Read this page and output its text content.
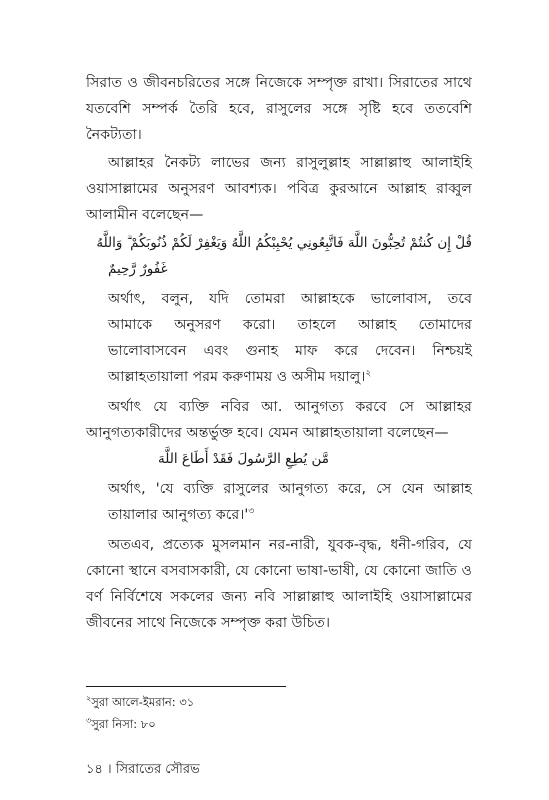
সিরাত ও জীবনচরিতের সঙ্গে নিজেকে সম্পৃক্ত রাখা। সিরাতের সাথে
যতবেশি সম্পর্ক তৈরি হবে, রাসুলের সঙ্গে সৃষ্টি হবে ততবেশি
নৈকট্যতা।
আল্লাহর নৈকট্য লাভের জন্য রাসুলুল্লাহ সাল্লাল্লাহু আলাইহি
ওয়াসাল্লামের অনুসরণ আবশ্যক। পবিত্র কুরআনে আল্লাহ রাব্বুল
আলামীন বলেছেন—
قُلْ إِن كُنتُمْ تُحِبُّونَ اللَّهَ فَاتَّبِعُونِي يُحْبِبْكُمُ اللَّهُ وَيَغْفِرْ لَكُمْ ذُنُوبَكُمْ ۗ وَاللَّهُ
غَفُورٌ رَّحِيمٌ
অর্থাৎ, বলুন, যদি তোমরা আল্লাহকে ভালোবাস, তবে
আমাকে অনুসরণ করো। তাহলে আল্লাহ তোমাদের
ভালোবাসবেন এবং গুনাহ মাফ করে দেবেন। নিশ্চয়ই
আল্লাহতায়ালা পরম করুণাময় ও অসীম দয়ালু।$^২$
অর্থাৎ যে ব্যক্তি নবির আ. আনুগত্য করবে সে আল্লাহর
আনুগত্যকারীদের অন্তর্ভুক্ত হবে। যেমন আল্লাহতায়ালা বলেছেন—
مَّن يُطِعِ الرَّسُولَ فَقَدْ أَطَاعَ اللَّهَ
অর্থাৎ, 'যে ব্যক্তি রাসুলের আনুগত্য করে, সে যেন আল্লাহ
তায়ালার আনুগত্য $করে।'^৩$
অতএব, প্রত্যেক মুসলমান নর-নারী, যুবক-বৃদ্ধ, ধনী-গরিব, যে
কোনো স্থানে বসবাসকারী, যে কোনো ভাষা-ভাষী, যে কোনো জাতি ও
বর্ণ নির্বিশেষে সকলের জন্য নবি সাল্লাল্লাহু আলাইহি ওয়াসাল্লামের
জীবনের সাথে নিজেকে সম্পৃক্ত করা উচিত।
$^২$সুরা আলে-ইমরান: ৩১
$^৩$সুরা নিসা: ৮০
১৪ । সিরাতের সৌরভ
